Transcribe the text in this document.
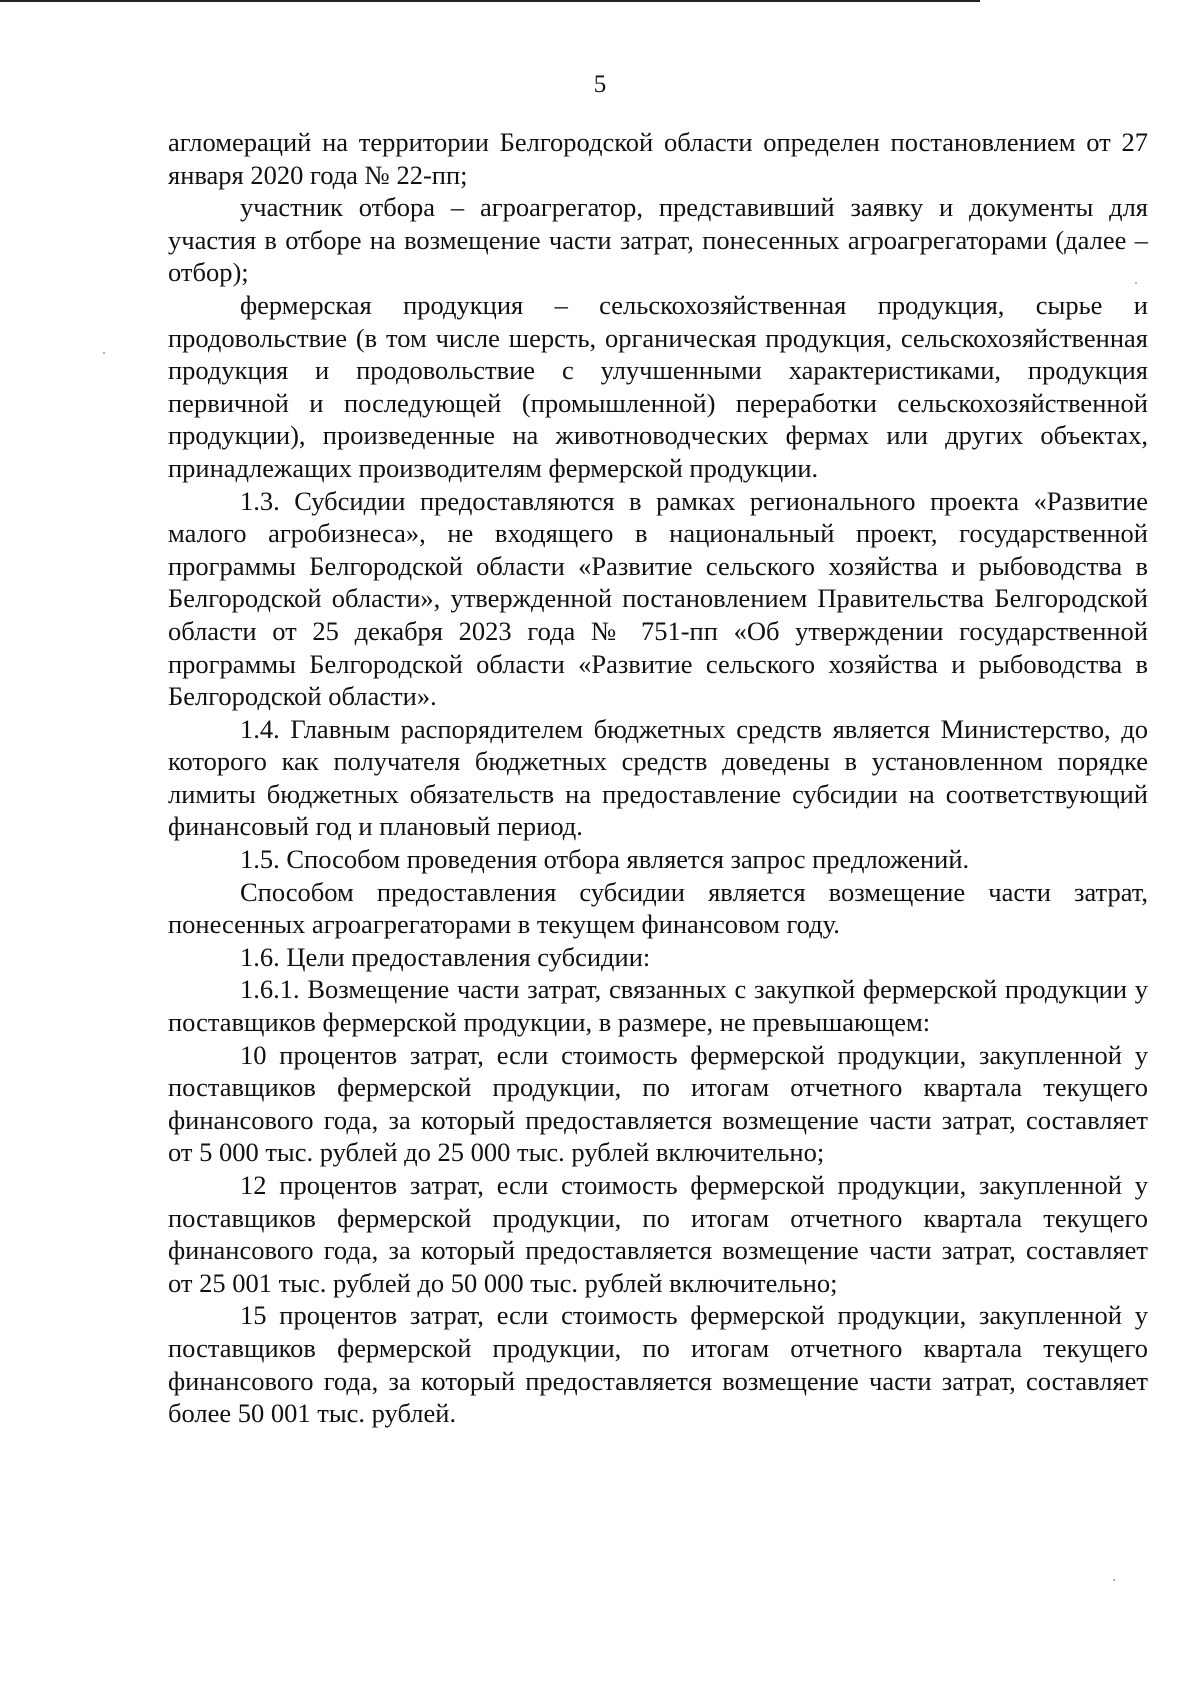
5

агломераций на территории Белгородской области определен постановлением от 27 января 2020 года № 22-пп;

участник отбора – агроагрегатор, представивший заявку и документы для участия в отборе на возмещение части затрат, понесенных агроагрегаторами (далее – отбор);

фермерская продукция – сельскохозяйственная продукция, сырье и продовольствие (в том числе шерсть, органическая продукция, сельскохозяйственная продукция и продовольствие с улучшенными характеристиками, продукция первичной и последующей (промышленной) переработки сельскохозяйственной продукции), произведенные на животноводческих фермах или других объектах, принадлежащих производителям фермерской продукции.

1.3. Субсидии предоставляются в рамках регионального проекта «Развитие малого агробизнеса», не входящего в национальный проект, государственной программы Белгородской области «Развитие сельского хозяйства и рыбоводства в Белгородской области», утвержденной постановлением Правительства Белгородской области от 25 декабря 2023 года № 751-пп «Об утверждении государственной программы Белгородской области «Развитие сельского хозяйства и рыбоводства в Белгородской области».

1.4. Главным распорядителем бюджетных средств является Министерство, до которого как получателя бюджетных средств доведены в установленном порядке лимиты бюджетных обязательств на предоставление субсидии на соответствующий финансовый год и плановый период.

1.5. Способом проведения отбора является запрос предложений.

Способом предоставления субсидии является возмещение части затрат, понесенных агроагрегаторами в текущем финансовом году.

1.6. Цели предоставления субсидии:

1.6.1. Возмещение части затрат, связанных с закупкой фермерской продукции у поставщиков фермерской продукции, в размере, не превышающем:

10 процентов затрат, если стоимость фермерской продукции, закупленной у поставщиков фермерской продукции, по итогам отчетного квартала текущего финансового года, за который предоставляется возмещение части затрат, составляет от 5 000 тыс. рублей до 25 000 тыс. рублей включительно;

12 процентов затрат, если стоимость фермерской продукции, закупленной у поставщиков фермерской продукции, по итогам отчетного квартала текущего финансового года, за который предоставляется возмещение части затрат, составляет от 25 001 тыс. рублей до 50 000 тыс. рублей включительно;

15 процентов затрат, если стоимость фермерской продукции, закупленной у поставщиков фермерской продукции, по итогам отчетного квартала текущего финансового года, за который предоставляется возмещение части затрат, составляет более 50 001 тыс. рублей.
